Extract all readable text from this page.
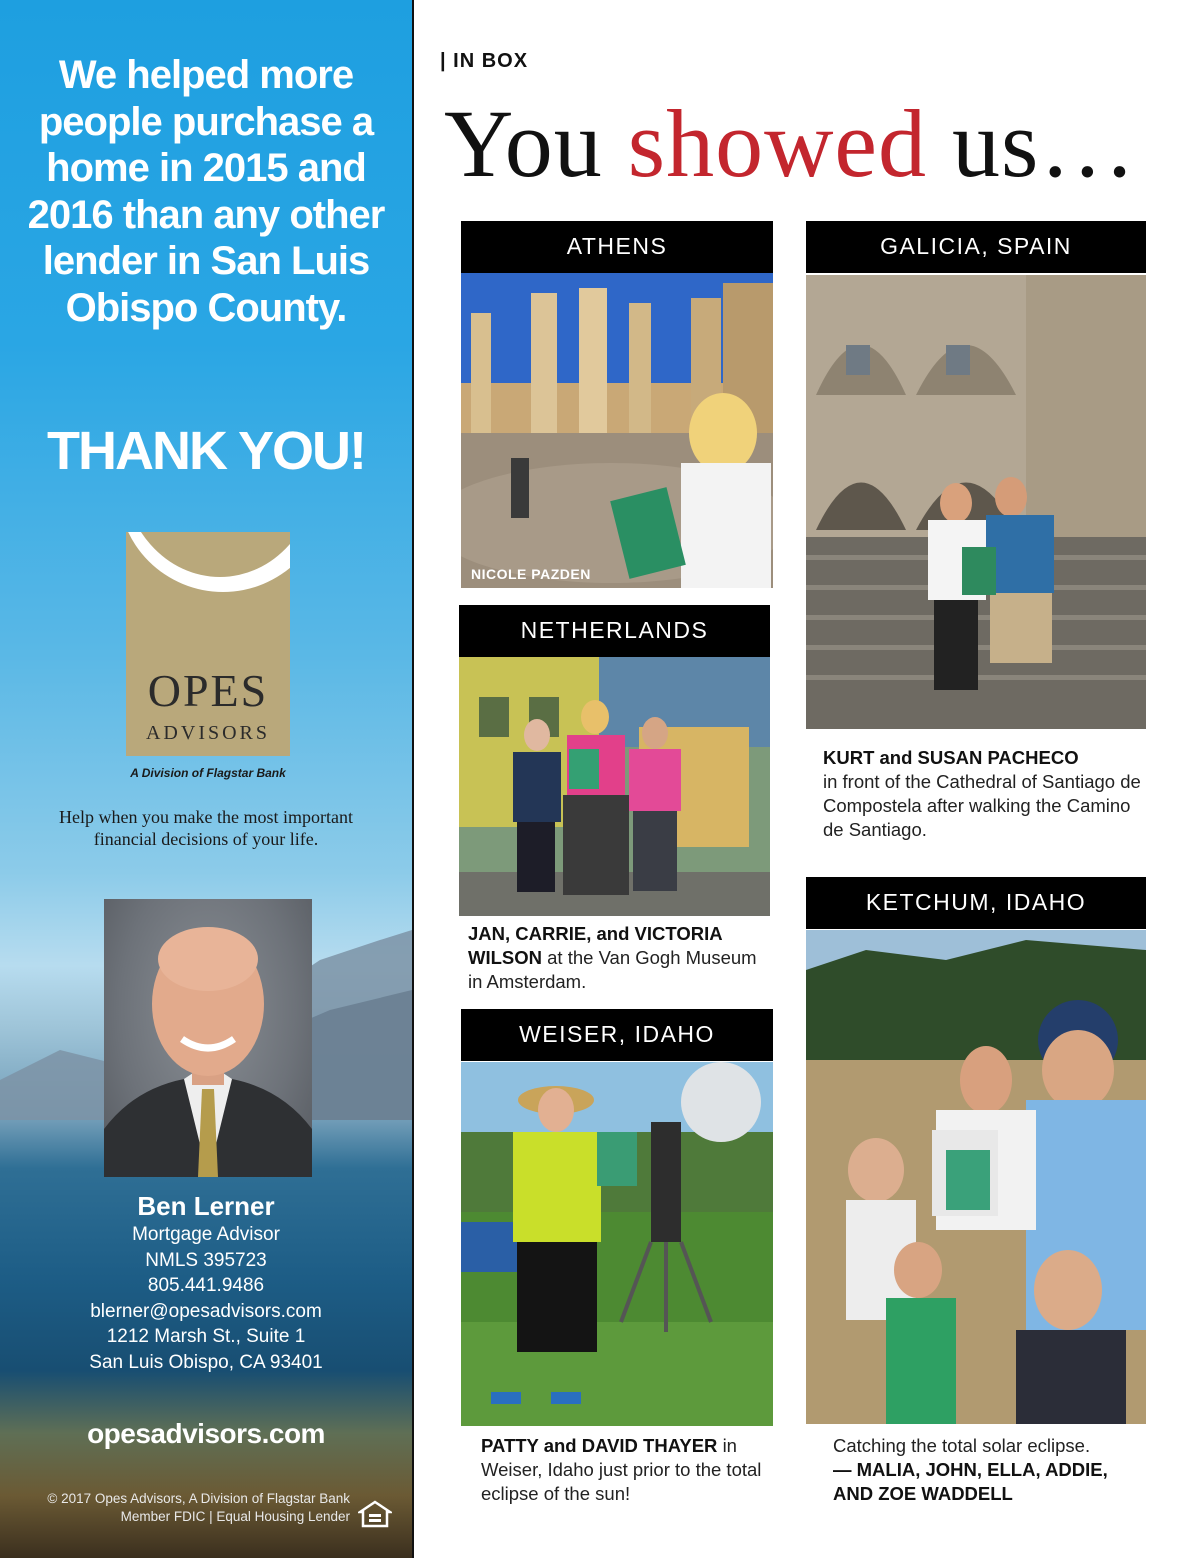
We helped more people purchase a home in 2015 and 2016 than any other lender in San Luis Obispo County.
THANK YOU!
OPES
ADVISORS
A Division of Flagstar Bank
Help when you make the most important financial decisions of your life.
Ben Lerner
Mortgage Advisor
NMLS 395723
805.441.9486
blerner@opesadvisors.com
1212 Marsh St., Suite 1
San Luis Obispo, CA 93401
opesadvisors.com
© 2017 Opes Advisors, A Division of Flagstar Bank
Member FDIC | Equal Housing Lender
| IN BOX
You showed us…
ATHENS
NICOLE PAZDEN
GALICIA, SPAIN
KURT and SUSAN PACHECO
in front of the Cathedral of Santiago de Compostela after walking the Camino de Santiago.
NETHERLANDS
JAN, CARRIE, and VICTORIA WILSON at the Van Gogh Museum in Amsterdam.
WEISER, IDAHO
PATTY and DAVID THAYER in Weiser, Idaho just prior to the total eclipse of the sun!
KETCHUM, IDAHO
Catching the total solar eclipse.
— MALIA, JOHN, ELLA, ADDIE, AND ZOE WADDELL
